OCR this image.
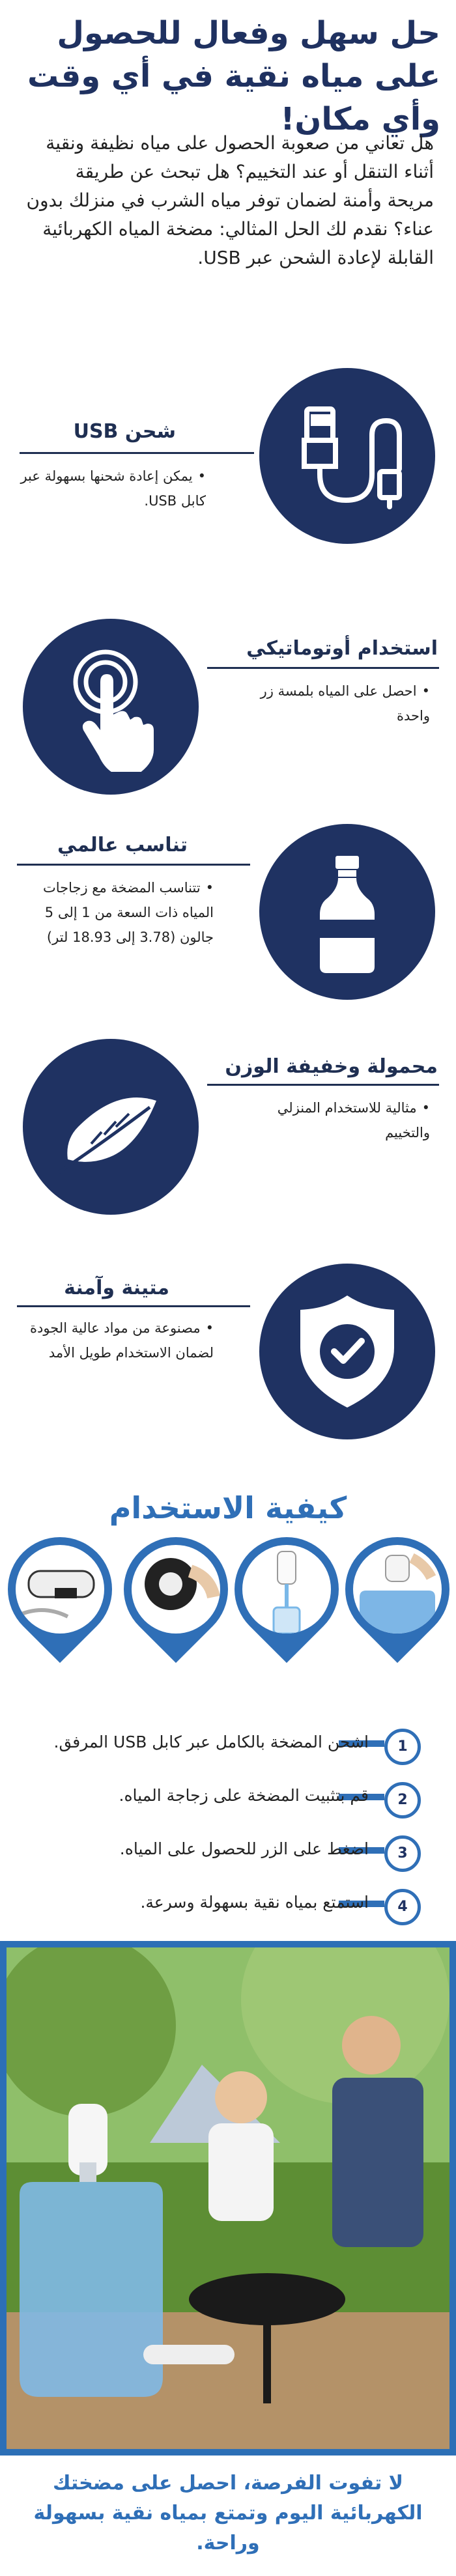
حل سهل وفعال للحصول على مياه نقية في أي وقت وأي مكان!

هل تعاني من صعوبة الحصول على مياه نظيفة ونقية أثناء التنقل أو عند التخييم؟ هل تبحث عن طريقة مريحة وأمنة لضمان توفر مياه الشرب في منزلك بدون عناء؟ نقدم لك الحل المثالي: مضخة المياه الكهربائية القابلة لإعادة الشحن عبر USB.

شحن USB
• يمكن إعادة شحنها بسهولة عبر كابل USB.
استخدام أوتوماتيكي
• احصل على المياه بلمسة زر واحدة
تناسب عالمي
• تتناسب المضخة مع زجاجات المياه ذات السعة من 1 إلى 5 جالون (3.78 إلى 18.93 لتر)
محمولة وخفيفة الوزن
• مثالية للاستخدام المنزلي والتخييم
متينة وآمنة
• مصنوعة من مواد عالية الجودة لضمان الاستخدام طويل الأمد
كيفية الاستخدام
1
اشحن المضخة بالكامل عبر كابل USB المرفق.
2
قم بتثبيت المضخة على زجاجة المياه.
3
اضغط على الزر للحصول على المياه.
4
استمتع بمياه نقية بسهولة وسرعة.

لا تفوت الفرصة، احصل على مضختك الكهربائية اليوم وتمتع بمياه نقية بسهولة وراحة.
